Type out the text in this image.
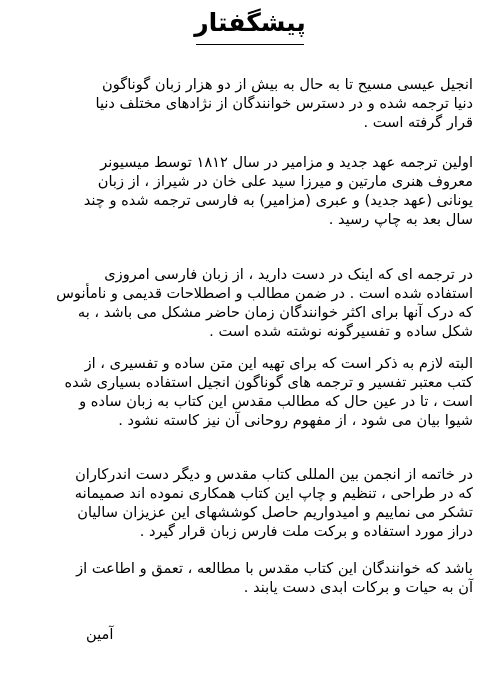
پیشگفتار
انجیل عیسی مسیح تا به حال به بیش از دو هزار زبان گوناگون
دنیا ترجمه شده و در دسترس خوانندگان از نژادهای مختلف دنیا
قرار گرفته است .
اولین ترجمه عهد جدید و مزامیر در سال ۱۸۱۲ توسط میسیونر
معروف هنری مارتین و میرزا سید علی خان در شیراز ، از زبان
یونانی (عهد جدید) و عبری (مزامیر) به فارسی ترجمه شده و چند
سال بعد به چاپ رسید .
در ترجمه ای که اینک در دست دارید ، از زبان فارسی امروزی
استفاده شده است . در ضمن مطالب و اصطلاحات قدیمی و نامأنوس
که درک آنها برای اکثر خوانندگان زمان حاضر مشکل می باشد ، به
شکل ساده و تفسیرگونه نوشته شده است .
البته لازم به ذکر است که برای تهیه این متن ساده و تفسیری ، از
کتب معتبر تفسیر و ترجمه های گوناگون انجیل استفاده بسیاری شده
است ، تا در عین حال که مطالب مقدس این کتاب به زبان ساده و
شیوا بیان می شود ، از مفهوم روحانی آن نیز کاسته نشود .
در خاتمه از انجمن بین المللی کتاب مقدس و دیگر دست اندرکاران
که در طراحی ، تنظیم و چاپ این کتاب همکاری نموده اند صمیمانه
تشکر می نماییم و امیدواریم حاصل کوششهای این عزیزان سالیان
دراز مورد استفاده و برکت ملت فارس زبان قرار گیرد .
باشد که خوانندگان این کتاب مقدس با مطالعه ، تعمق و اطاعت از
آن به حیات و برکات ابدی دست یابند .
آمین
